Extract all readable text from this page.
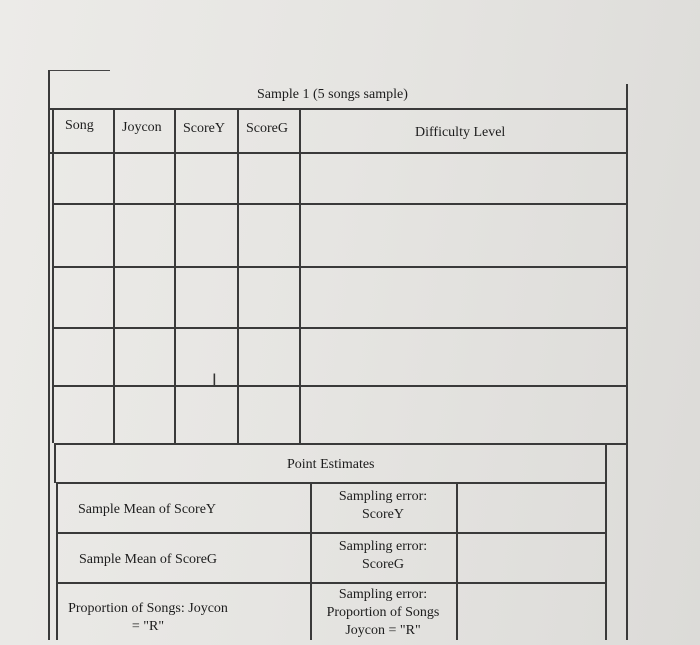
Sample 1 (5 songs sample)
Song Joycon ScoreY ScoreG	Difficulty Level
I
Point Estimates
Sample Mean of ScoreY
Sample Mean of ScoreG
Proportion of Songs: Joycon
= "R"
Sampling error:
ScoreY
Sampling error:
ScoreG
Sampling error:
Proportion of Songs
Joycon = "R"
